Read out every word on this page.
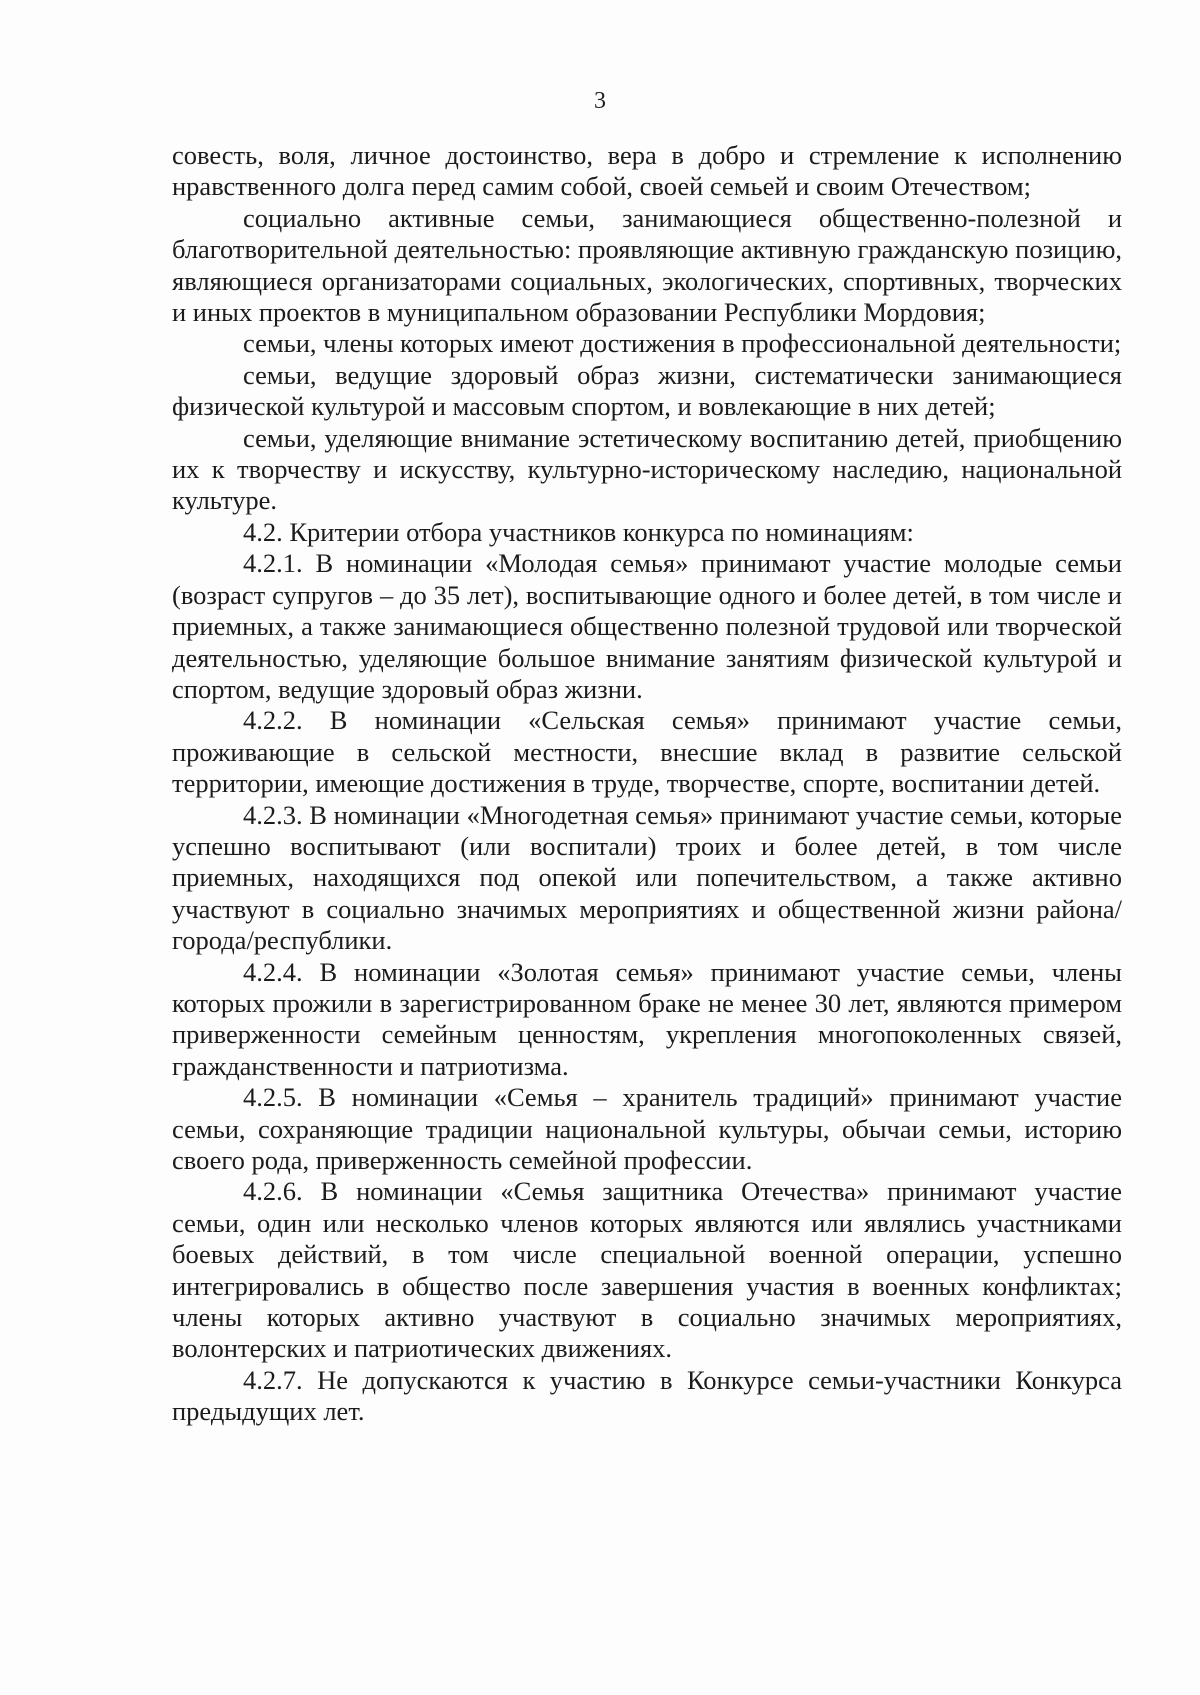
3

совесть, воля, личное достоинство, вера в добро и стремление к исполнению нравственного долга перед самим собой, своей семьей и своим Отечеством;

социально активные семьи, занимающиеся общественно-полезной и благотворительной деятельностью: проявляющие активную гражданскую позицию, являющиеся организаторами социальных, экологических, спортивных, творческих и иных проектов в муниципальном образовании Республики Мордовия;

семьи, члены которых имеют достижения в профессиональной деятельности;

семьи, ведущие здоровый образ жизни, систематически занимающиеся физической культурой и массовым спортом, и вовлекающие в них детей;

семьи, уделяющие внимание эстетическому воспитанию детей, приобщению их к творчеству и искусству, культурно-историческому наследию, национальной культуре.

4.2. Критерии отбора участников конкурса по номинациям:

4.2.1. В номинации «Молодая семья» принимают участие молодые семьи (возраст супругов – до 35 лет), воспитывающие одного и более детей, в том числе и приемных, а также занимающиеся общественно полезной трудовой или творческой деятельностью, уделяющие большое внимание занятиям физической культурой и спортом, ведущие здоровый образ жизни.

4.2.2. В номинации «Сельская семья» принимают участие семьи, проживающие в сельской местности, внесшие вклад в развитие сельской территории, имеющие достижения в труде, творчестве, спорте, воспитании детей.

4.2.3. В номинации «Многодетная семья» принимают участие семьи, которые успешно воспитывают (или воспитали) троих и более детей, в том числе приемных, находящихся под опекой или попечительством, а также активно участвуют в социально значимых мероприятиях и общественной жизни района/города/республики.

4.2.4. В номинации «Золотая семья» принимают участие семьи, члены которых прожили в зарегистрированном браке не менее 30 лет, являются примером приверженности семейным ценностям, укрепления многопоколенных связей, гражданственности и патриотизма.

4.2.5. В номинации «Семья – хранитель традиций» принимают участие семьи, сохраняющие традиции национальной культуры, обычаи семьи, историю своего рода, приверженность семейной профессии.

4.2.6. В номинации «Семья защитника Отечества» принимают участие семьи, один или несколько членов которых являются или являлись участниками боевых действий, в том числе специальной военной операции, успешно интегрировались в общество после завершения участия в военных конфликтах; члены которых активно участвуют в социально значимых мероприятиях, волонтерских и патриотических движениях.

4.2.7. Не допускаются к участию в Конкурсе семьи-участники Конкурса предыдущих лет.
